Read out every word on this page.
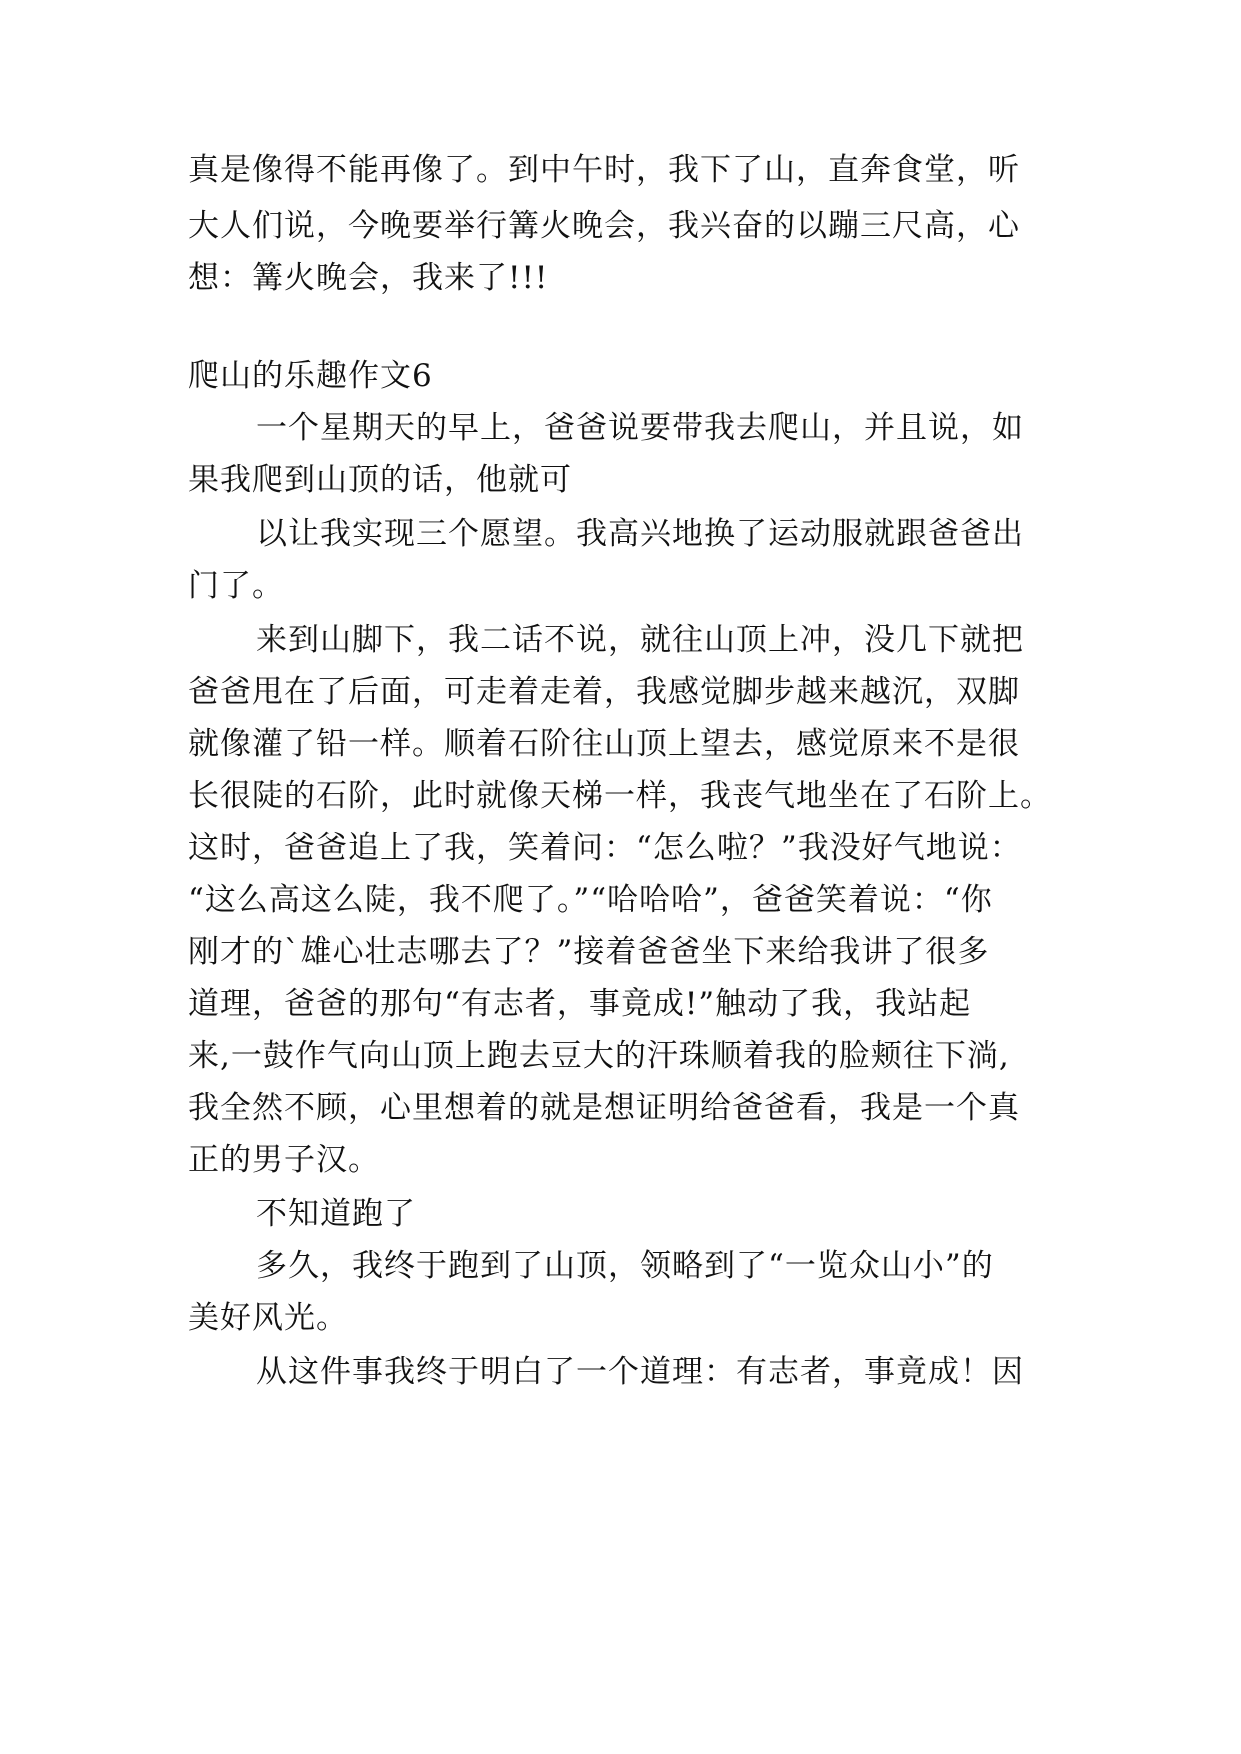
真是像得不能再像了。到中午时，我下了山，直奔食堂，听
大人们说，今晚要举行篝火晚会，我兴奋的以蹦三尺高，心
想：篝火晚会，我来了!!!
爬山的乐趣作文6
一个星期天的早上，爸爸说要带我去爬山，并且说，如
果我爬到山顶的话，他就可
以让我实现三个愿望。我高兴地换了运动服就跟爸爸出
门了。
来到山脚下，我二话不说，就往山顶上冲，没几下就把
爸爸甩在了后面，可走着走着，我感觉脚步越来越沉，双脚
就像灌了铅一样。顺着石阶往山顶上望去，感觉原来不是很
长很陡的石阶，此时就像天梯一样，我丧气地坐在了石阶上。
这时，爸爸追上了我，笑着问：“怎么啦？”我没好气地说：
“这么高这么陡，我不爬了。”“哈哈哈”，爸爸笑着说：“你
刚才的`雄心壮志哪去了？”接着爸爸坐下来给我讲了很多
道理，爸爸的那句“有志者，事竟成!”触动了我，我站起
来,一鼓作气向山顶上跑去豆大的汗珠顺着我的脸颊往下淌,
我全然不顾，心里想着的就是想证明给爸爸看，我是一个真
正的男子汉。
不知道跑了
多久，我终于跑到了山顶，领略到了“一览众山小”的
美好风光。
从这件事我终于明白了一个道理：有志者，事竟成！因
